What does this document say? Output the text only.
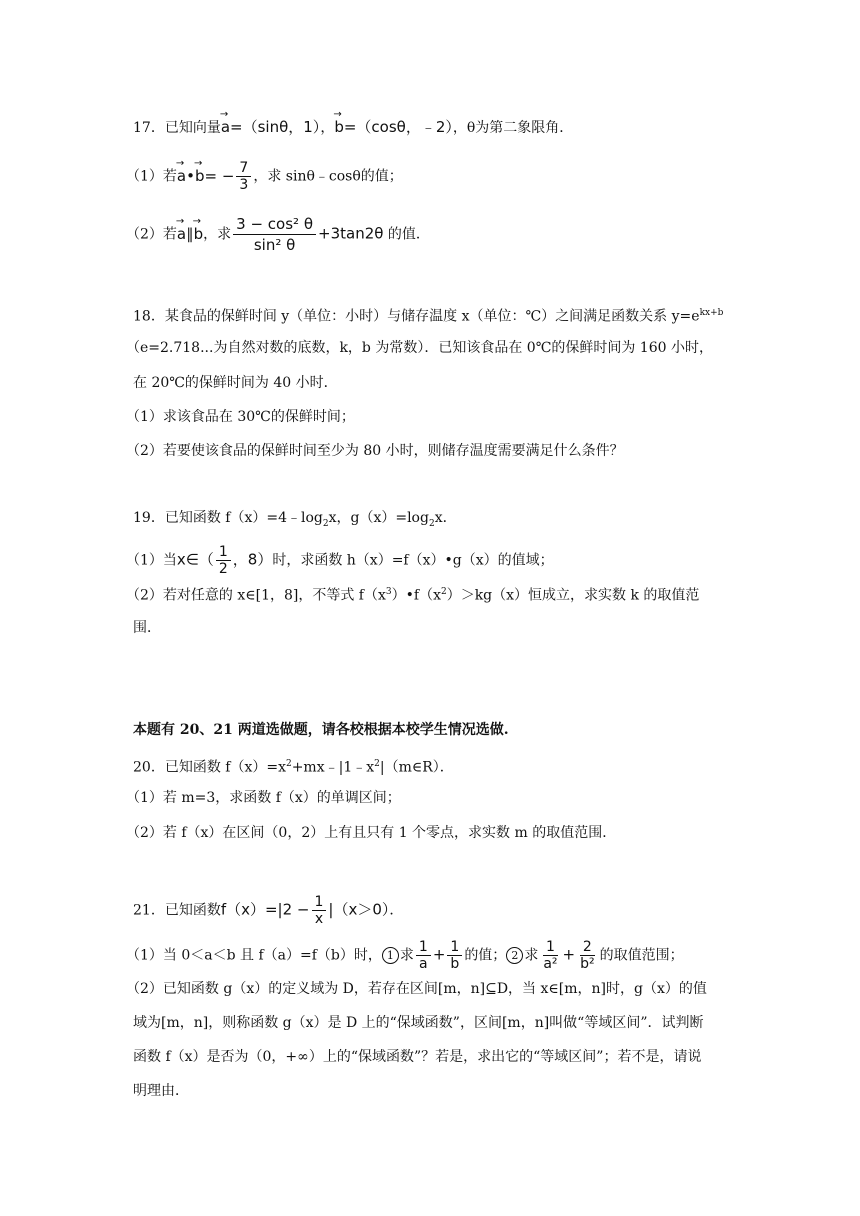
17．已知向量→ a=（sinθ，1），→ b=（cosθ，﹣2），θ为第二象限角．
（1）若→ a•→ $b= - \frac{7}{3}$ ，求 sinθ﹣cosθ的值；
（2）若→ a∥→ b，求 $\frac{\text{3 − cos² θ}}{\text{sin² θ}} +3\tan 2\theta$ 的值．
18．某食品的保鲜时间 y（单位：小时）与储存温度 x（单位：℃）之间满足函数关系 $y=e^{kx+b}$
（e=2.718...为自然对数的底数，k，b 为常数）．已知该食品在 0℃的保鲜时间为 160 小时，
在 20℃的保鲜时间为 40 小时．
（1）求该食品在 30℃的保鲜时间；
（2）若要使该食品的保鲜时间至少为 80 小时，则储存温度需要满足什么条件？
19．已知函数 $f(x)=4﹣\log_2x$，$g(x)=\log_2x$．
（1）当x∈（ $\frac{1}{2}$ ，8）时，求函数 h（x）=f（x）•g（x）的值域；
（2）若对任意的 x∈[1，8]，不等式 $f(x^3)•f(x^2)>kg(x)$恒成立，求实数 k 的取值范
围．
本题有 20、21 两道选做题，请各校根据本校学生情况选做.
20．已知函数 $f(x)=x^2+mx﹣|1﹣x^2|(m\in R)$．
（1）若 m=3，求函数 f（x）的单调区间；
（2）若 f（x）在区间（0，2）上有且只有 1 个零点，求实数 m 的取值范围．
21．已知函数$f(x)=|2 - \frac{1}{x} |(x>0)$．
（1）当 0＜a＜b 且 f（a）=f（b）时， 1 求 $\frac{1}{a} + \frac{1}{b}$ 的值； 2 求 $\frac{1}{\text{a²}} + \frac{2}{\text{b²}}$ 的取值范围；
（2）已知函数 g（x）的定义域为 D，若存在区间[m，n]⊆D，当 x∈[m，n]时，g（x）的值
域为[m，n]，则称函数 g（x）是 D 上的“保域函数”，区间[m，n]叫做“等域区间”．试判断
函数 f（x）是否为（0，+∞）上的“保域函数”？若是，求出它的“等域区间”；若不是，请说
明理由．
